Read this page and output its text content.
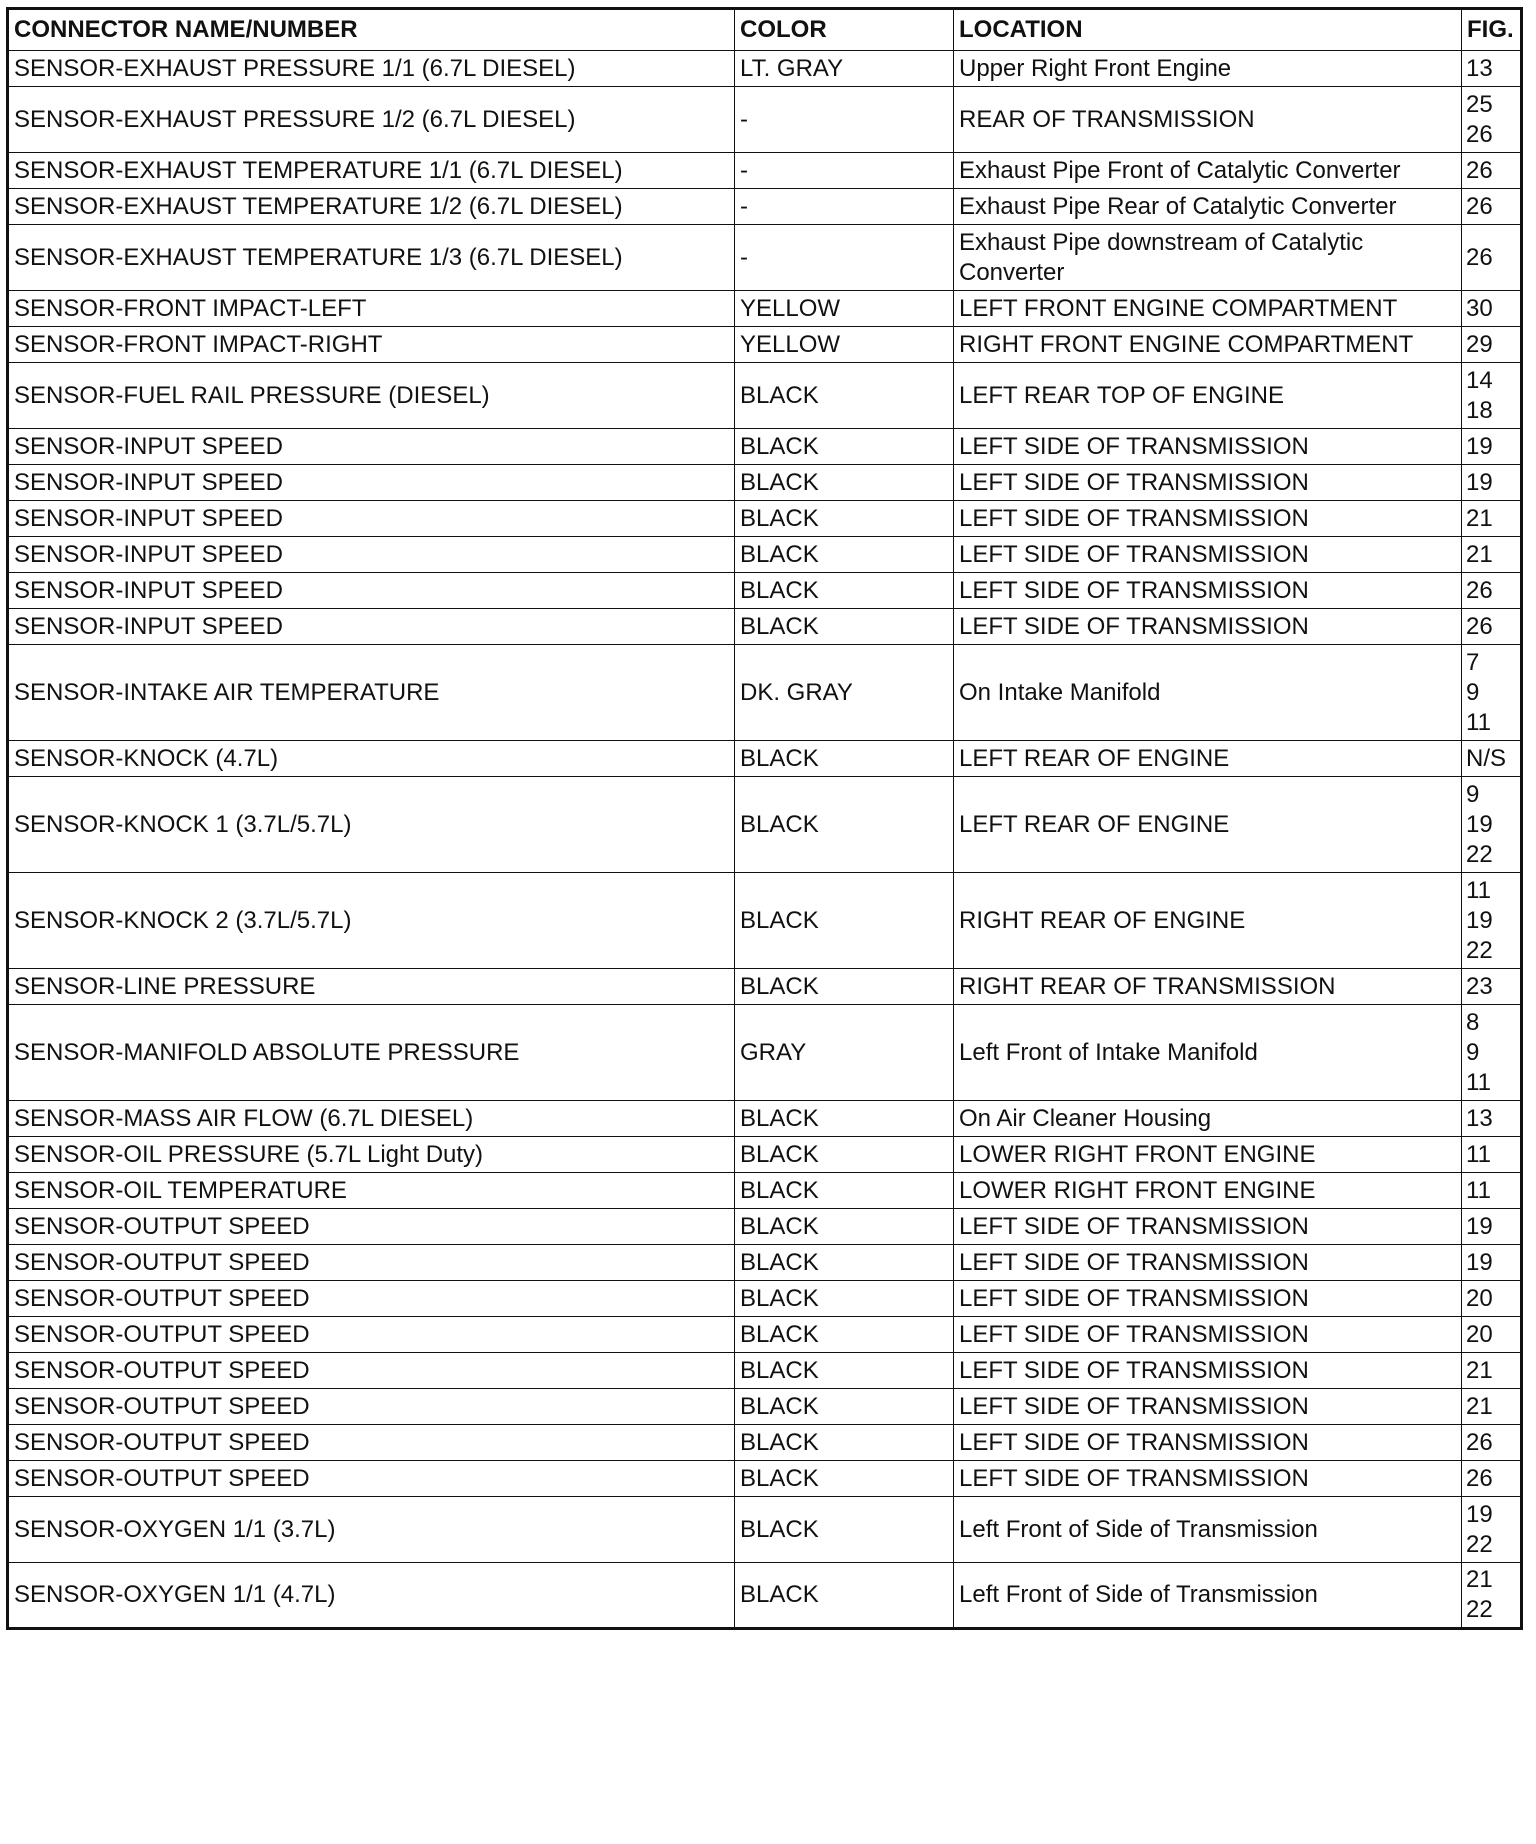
CONNECTOR NAME/NUMBER	COLOR	LOCATION	FIG.
SENSOR-EXHAUST PRESSURE 1/1 (6.7L DIESEL)	LT. GRAY	Upper Right Front Engine	13

SENSOR-EXHAUST PRESSURE 1/2 (6.7L DIESEL)	-	REAR OF TRANSMISSION	25
26

SENSOR-EXHAUST TEMPERATURE 1/1 (6.7L DIESEL)	-	Exhaust Pipe Front of Catalytic Converter	26

SENSOR-EXHAUST TEMPERATURE 1/2 (6.7L DIESEL)	-	Exhaust Pipe Rear of Catalytic Converter	26

SENSOR-EXHAUST TEMPERATURE 1/3 (6.7L DIESEL)	-	Exhaust Pipe downstream of Catalytic Converter	26

SENSOR-FRONT IMPACT-LEFT	YELLOW	LEFT FRONT ENGINE COMPARTMENT	30

SENSOR-FRONT IMPACT-RIGHT	YELLOW	RIGHT FRONT ENGINE COMPARTMENT	29

SENSOR-FUEL RAIL PRESSURE (DIESEL)	BLACK	LEFT REAR TOP OF ENGINE	14
18

SENSOR-INPUT SPEED	BLACK	LEFT SIDE OF TRANSMISSION	19

SENSOR-INPUT SPEED	BLACK	LEFT SIDE OF TRANSMISSION	19

SENSOR-INPUT SPEED	BLACK	LEFT SIDE OF TRANSMISSION	21

SENSOR-INPUT SPEED	BLACK	LEFT SIDE OF TRANSMISSION	21

SENSOR-INPUT SPEED	BLACK	LEFT SIDE OF TRANSMISSION	26

SENSOR-INPUT SPEED	BLACK	LEFT SIDE OF TRANSMISSION	26

SENSOR-INTAKE AIR TEMPERATURE	DK. GRAY	On Intake Manifold	7
9
11

SENSOR-KNOCK (4.7L)	BLACK	LEFT REAR OF ENGINE	N/S

SENSOR-KNOCK 1 (3.7L/5.7L)	BLACK	LEFT REAR OF ENGINE	9
19
22

SENSOR-KNOCK 2 (3.7L/5.7L)	BLACK	RIGHT REAR OF ENGINE	11
19
22

SENSOR-LINE PRESSURE	BLACK	RIGHT REAR OF TRANSMISSION	23

SENSOR-MANIFOLD ABSOLUTE PRESSURE	GRAY	Left Front of Intake Manifold	8
9
11

SENSOR-MASS AIR FLOW (6.7L DIESEL)	BLACK	On Air Cleaner Housing	13

SENSOR-OIL PRESSURE (5.7L Light Duty)	BLACK	LOWER RIGHT FRONT ENGINE	11

SENSOR-OIL TEMPERATURE	BLACK	LOWER RIGHT FRONT ENGINE	11

SENSOR-OUTPUT SPEED	BLACK	LEFT SIDE OF TRANSMISSION	19

SENSOR-OUTPUT SPEED	BLACK	LEFT SIDE OF TRANSMISSION	19

SENSOR-OUTPUT SPEED	BLACK	LEFT SIDE OF TRANSMISSION	20

SENSOR-OUTPUT SPEED	BLACK	LEFT SIDE OF TRANSMISSION	20

SENSOR-OUTPUT SPEED	BLACK	LEFT SIDE OF TRANSMISSION	21

SENSOR-OUTPUT SPEED	BLACK	LEFT SIDE OF TRANSMISSION	21

SENSOR-OUTPUT SPEED	BLACK	LEFT SIDE OF TRANSMISSION	26

SENSOR-OUTPUT SPEED	BLACK	LEFT SIDE OF TRANSMISSION	26

SENSOR-OXYGEN 1/1 (3.7L)	BLACK	Left Front of Side of Transmission	19
22

SENSOR-OXYGEN 1/1 (4.7L)	BLACK	Left Front of Side of Transmission	21
22
